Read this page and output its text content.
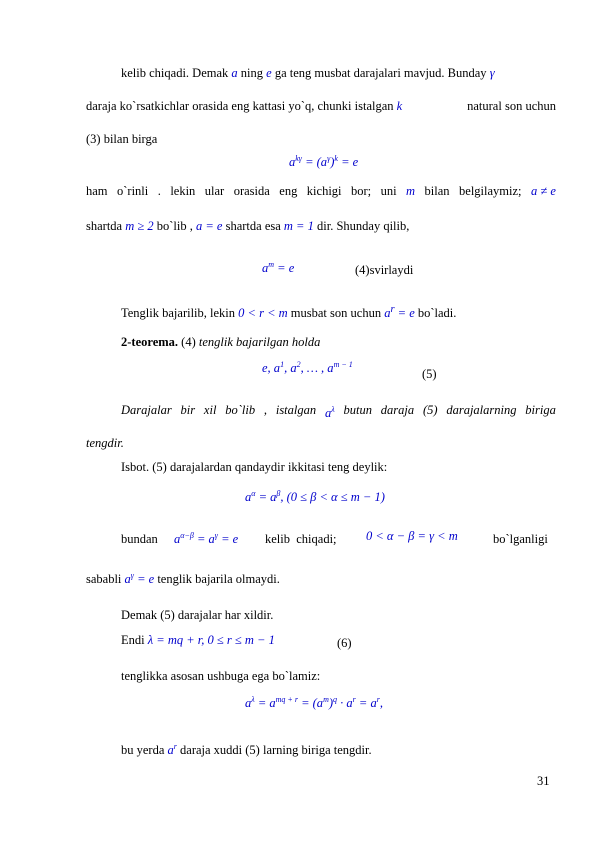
kelib chiqadi. Demak a ning e ga teng musbat darajalari mavjud. Bunday γ
daraja ko`rsatkichlar orasida eng kattasi yo`q, chunki istalgan k	natural son uchun
(3) bilan birga
$a^{k\gamma} = (a^\gamma)^k = e$
ham o`rinli . lekin ular orasida eng kichigi bor; uni m bilan belgilaymiz; a ≠ e
shartda m ≥ 2 bo`lib , a = e shartda esa m = 1 dir. Shunday qilib,
$a^m = e$	(4)svirlaydi
Tenglik bajarilib, lekin 0 < r < m musbat son uchun $a^r = e$ bo`ladi.
2-teorema. (4) tenglik bajarilgan holda
e, $a^1$, $a^2$, … , $a^{m - 1}$
(5)
Darajalar bir xil bo`lib , istalgan $a^\lambda$ butun daraja (5) darajalarning biriga
tengdir.
Isbot. (5) darajalardan qandaydir ikkitasi teng deylik:
$a^\alpha = a^\beta$, (0 ≤ β < α ≤ m − 1)
bundan $a^{\alpha-\beta} = a^\gamma = e$ kelib chiqadi; 0 < α − β = γ < m	bo`lganligi
sababli $a^\gamma = e$ tenglik bajarila olmaydi.
Demak (5) darajalar har xildir.
Endi λ = mq + r, 0 ≤ r ≤ m − 1	(6)
tenglikka asosan ushbuga ega bo`lamiz:
$a^\lambda = a^{mq + r} = (a^m)^q \cdot a^r = a^r$,
bu yerda $a^r$ daraja xuddi (5) larning biriga tengdir.
31
